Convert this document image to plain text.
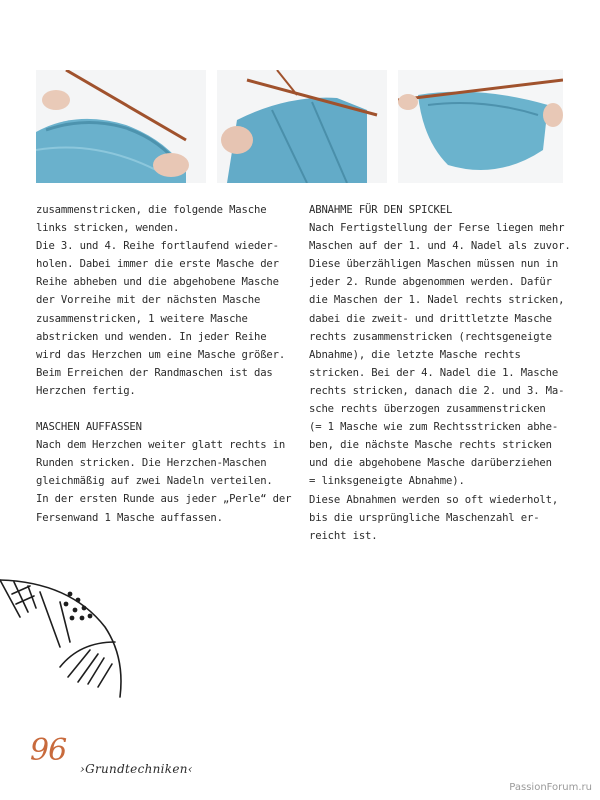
zusammenstricken, die folgende Masche
links stricken, wenden.
Die 3. und 4. Reihe fortlaufend wieder-
holen. Dabei immer die erste Masche der
Reihe abheben und die abgehobene Masche
der Vorreihe mit der nächsten Masche
zusammenstricken, 1 weitere Masche
abstricken und wenden. In jeder Reihe
wird das Herzchen um eine Masche größer.
Beim Erreichen der Randmaschen ist das
Herzchen fertig.

MASCHEN AUFFASSEN

Nach dem Herzchen weiter glatt rechts in
Runden stricken. Die Herzchen-Maschen
gleichmäßig auf zwei Nadeln verteilen.
In der ersten Runde aus jeder „Perle“ der
Fersenwand 1 Masche auffassen.

ABNAHME FÜR DEN SPICKEL

Nach Fertigstellung der Ferse liegen mehr
Maschen auf der 1. und 4. Nadel als zuvor.
Diese überzähligen Maschen müssen nun in
jeder 2. Runde abgenommen werden. Dafür
die Maschen der 1. Nadel rechts stricken,
dabei die zweit- und drittletzte Masche
rechts zusammenstricken (rechtsgeneigte
Abnahme), die letzte Masche rechts
stricken. Bei der 4. Nadel die 1. Masche
rechts stricken, danach die 2. und 3. Ma-
sche rechts überzogen zusammenstricken
(= 1 Masche wie zum Rechtsstricken abhe-
ben, die nächste Masche rechts stricken
und die abgehobene Masche darüberziehen
= linksgeneigte Abnahme).
Diese Abnahmen werden so oft wiederholt,
bis die ursprüngliche Maschenzahl er-
reicht ist.

96
›Grundtechniken‹
PassionForum.ru
